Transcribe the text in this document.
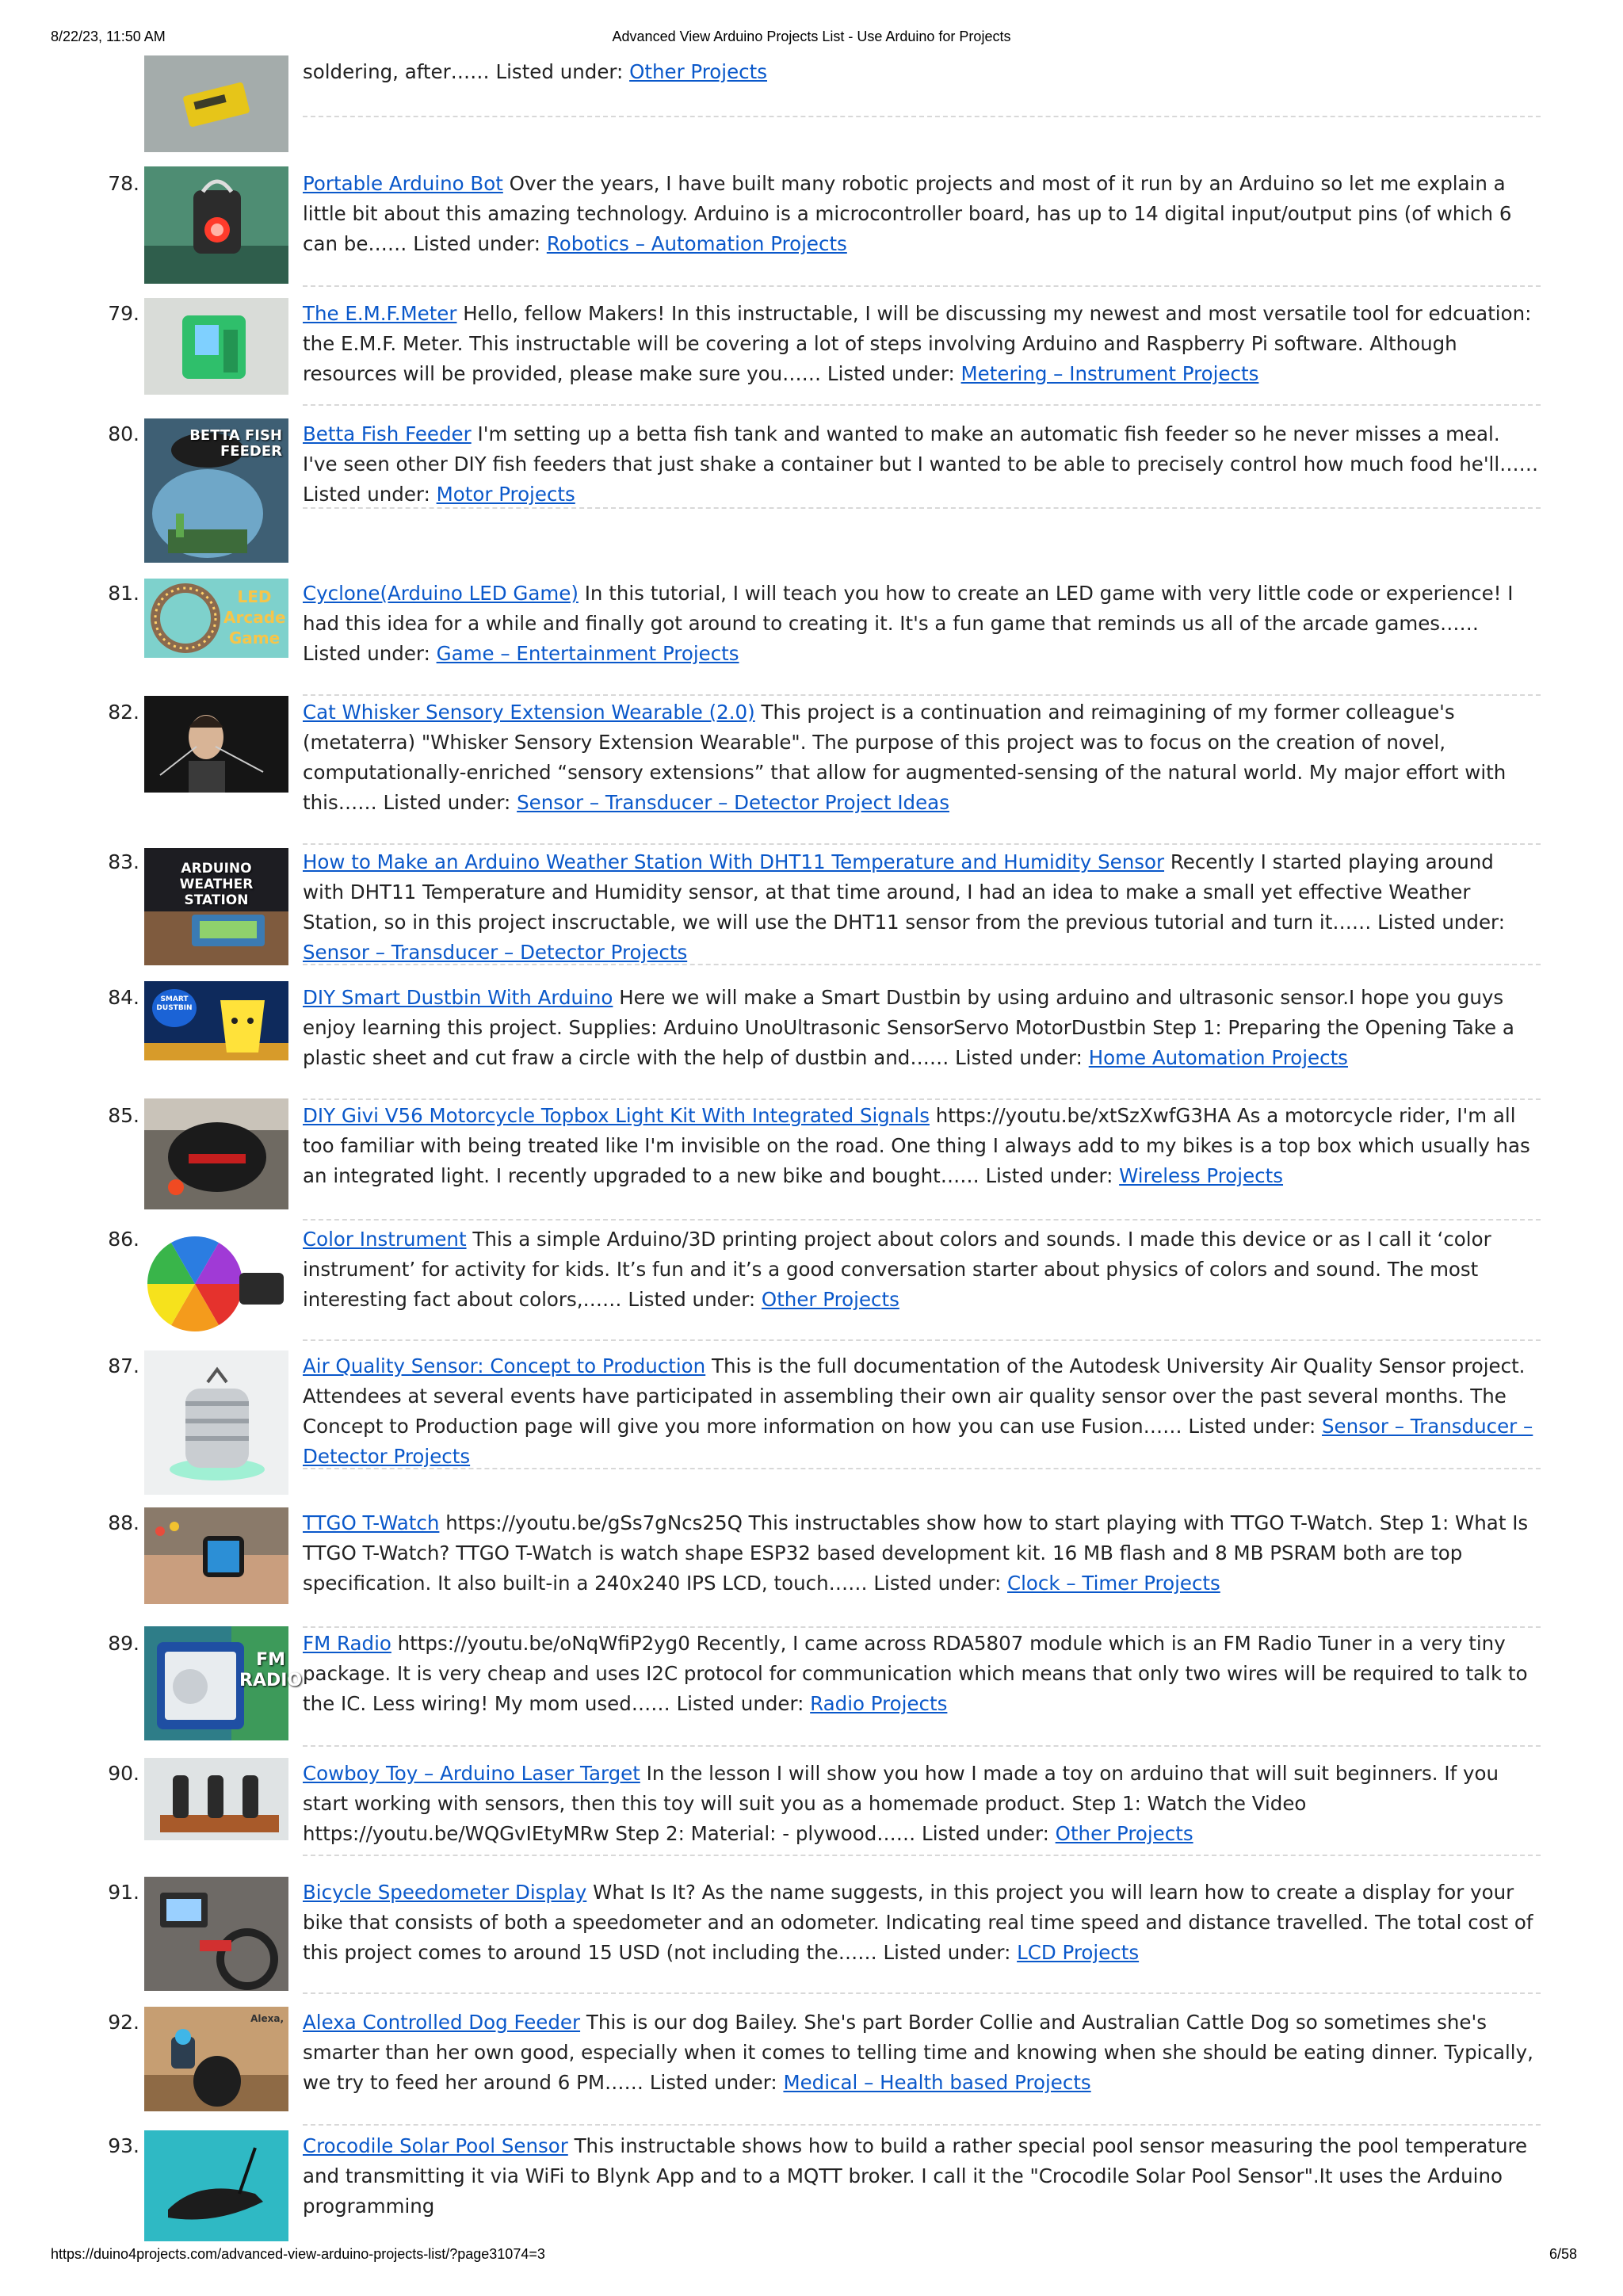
8/22/23, 11:50 AM	Advanced View Arduino Projects List - Use Arduino for Projects
soldering, after…… Listed under: Other Projects
78.	Portable Arduino Bot Over the years, I have built many robotic projects and most of it run by an Arduino so let me explain a little bit about this amazing technology. Arduino is a microcontroller board, has up to 14 digital input/output pins (of which 6 can be…… Listed under: Robotics – Automation Projects
79.	The E.M.F.Meter Hello, fellow Makers! In this instructable, I will be discussing my newest and most versatile tool for edcuation: the E.M.F. Meter. This instructable will be covering a lot of steps involving Arduino and Raspberry Pi software. Although resources will be provided, please make sure you…… Listed under: Metering – Instrument Projects
80.	BETTA FISH FEEDER
Betta Fish Feeder I'm setting up a betta fish tank and wanted to make an automatic fish feeder so he never misses a meal. I've seen other DIY fish feeders that just shake a container but I wanted to be able to precisely control how much food he'll…… Listed under: Motor Projects
81.	LED Arcade Game
Cyclone(Arduino LED Game) In this tutorial, I will teach you how to create an LED game with very little code or experience! I had this idea for a while and finally got around to creating it. It's a fun game that reminds us all of the arcade games…… Listed under: Game – Entertainment Projects
82.	Cat Whisker Sensory Extension Wearable (2.0) This project is a continuation and reimagining of my former colleague's (metaterra) "Whisker Sensory Extension Wearable". The purpose of this project was to focus on the creation of novel, computationally-enriched “sensory extensions” that allow for augmented-sensing of the natural world. My major effort with this…… Listed under: Sensor – Transducer – Detector Project Ideas
83.	ARDUINO WEATHER STATION
How to Make an Arduino Weather Station With DHT11 Temperature and Humidity Sensor Recently I started playing around with DHT11 Temperature and Humidity sensor, at that time around, I had an idea to make a small yet effective Weather Station, so in this project inscructable, we will use the DHT11 sensor from the previous tutorial and turn it…… Listed under: Sensor – Transducer – Detector Projects
84.	SMART DUSTBIN	DIY Smart Dustbin With Arduino Here we will make a Smart Dustbin by using arduino and ultrasonic sensor.I hope you guys enjoy learning this project. Supplies: Arduino UnoUltrasonic SensorServo MotorDustbin Step 1: Preparing the Opening Take a plastic sheet and cut fraw a circle with the help of dustbin and…… Listed under: Home Automation Projects
85.	DIY Givi V56 Motorcycle Topbox Light Kit With Integrated Signals https://youtu.be/xtSzXwfG3HA As a motorcycle rider, I'm all too familiar with being treated like I'm invisible on the road. One thing I always add to my bikes is a top box which usually has an integrated light. I recently upgraded to a new bike and bought…… Listed under: Wireless Projects
86.	Color Instrument This a simple Arduino/3D printing project about colors and sounds. I made this device or as I call it ‘color instrument’ for activity for kids. It’s fun and it’s a good conversation starter about physics of colors and sound. The most interesting fact about colors,…… Listed under: Other Projects
87.	Air Quality Sensor: Concept to Production This is the full documentation of the Autodesk University Air Quality Sensor project. Attendees at several events have participated in assembling their own air quality sensor over the past several months. The Concept to Production page will give you more information on how you can use Fusion…… Listed under: Sensor – Transducer – Detector Projects
88.	TTGO T-Watch https://youtu.be/gSs7gNcs25Q This instructables show how to start playing with TTGO T-Watch. Step 1: What Is TTGO T-Watch? TTGO T-Watch is watch shape ESP32 based development kit. 16 MB flash and 8 MB PSRAM both are top specification. It also built-in a 240x240 IPS LCD, touch…… Listed under: Clock – Timer Projects
89.
FM RADIO
FM Radio https://youtu.be/oNqWfiP2yg0 Recently, I came across RDA5807 module which is an FM Radio Tuner in a very tiny package. It is very cheap and uses I2C protocol for communication which means that only two wires will be required to talk to the IC. Less wiring! My mom used…… Listed under: Radio Projects
90.	Cowboy Toy – Arduino Laser Target In the lesson I will show you how I made a toy on arduino that will suit beginners. If you start working with sensors, then this toy will suit you as a homemade product. Step 1: Watch the Video https://youtu.be/WQGvIEtyMRw Step 2: Material: - plywood…… Listed under: Other Projects
91.	Bicycle Speedometer Display What Is It? As the name suggests, in this project you will learn how to create a display for your bike that consists of both a speedometer and an odometer. Indicating real time speed and distance travelled. The total cost of this project comes to around 15 USD (not including the…… Listed under: LCD Projects
92.	Alexa, Alexa Controlled Dog Feeder This is our dog Bailey. She's part Border Collie and Australian Cattle Dog so sometimes she's smarter than her own good, especially when it comes to telling time and knowing when she should be eating dinner. Typically, we try to feed her around 6 PM…… Listed under: Medical – Health based Projects
93.	Crocodile Solar Pool Sensor This instructable shows how to build a rather special pool sensor measuring the pool temperature and transmitting it via WiFi to Blynk App and to a MQTT broker. I call it the "Crocodile Solar Pool Sensor".It uses the Arduino programming
https://duino4projects.com/advanced-view-arduino-projects-list/?page31074=3	6/58
